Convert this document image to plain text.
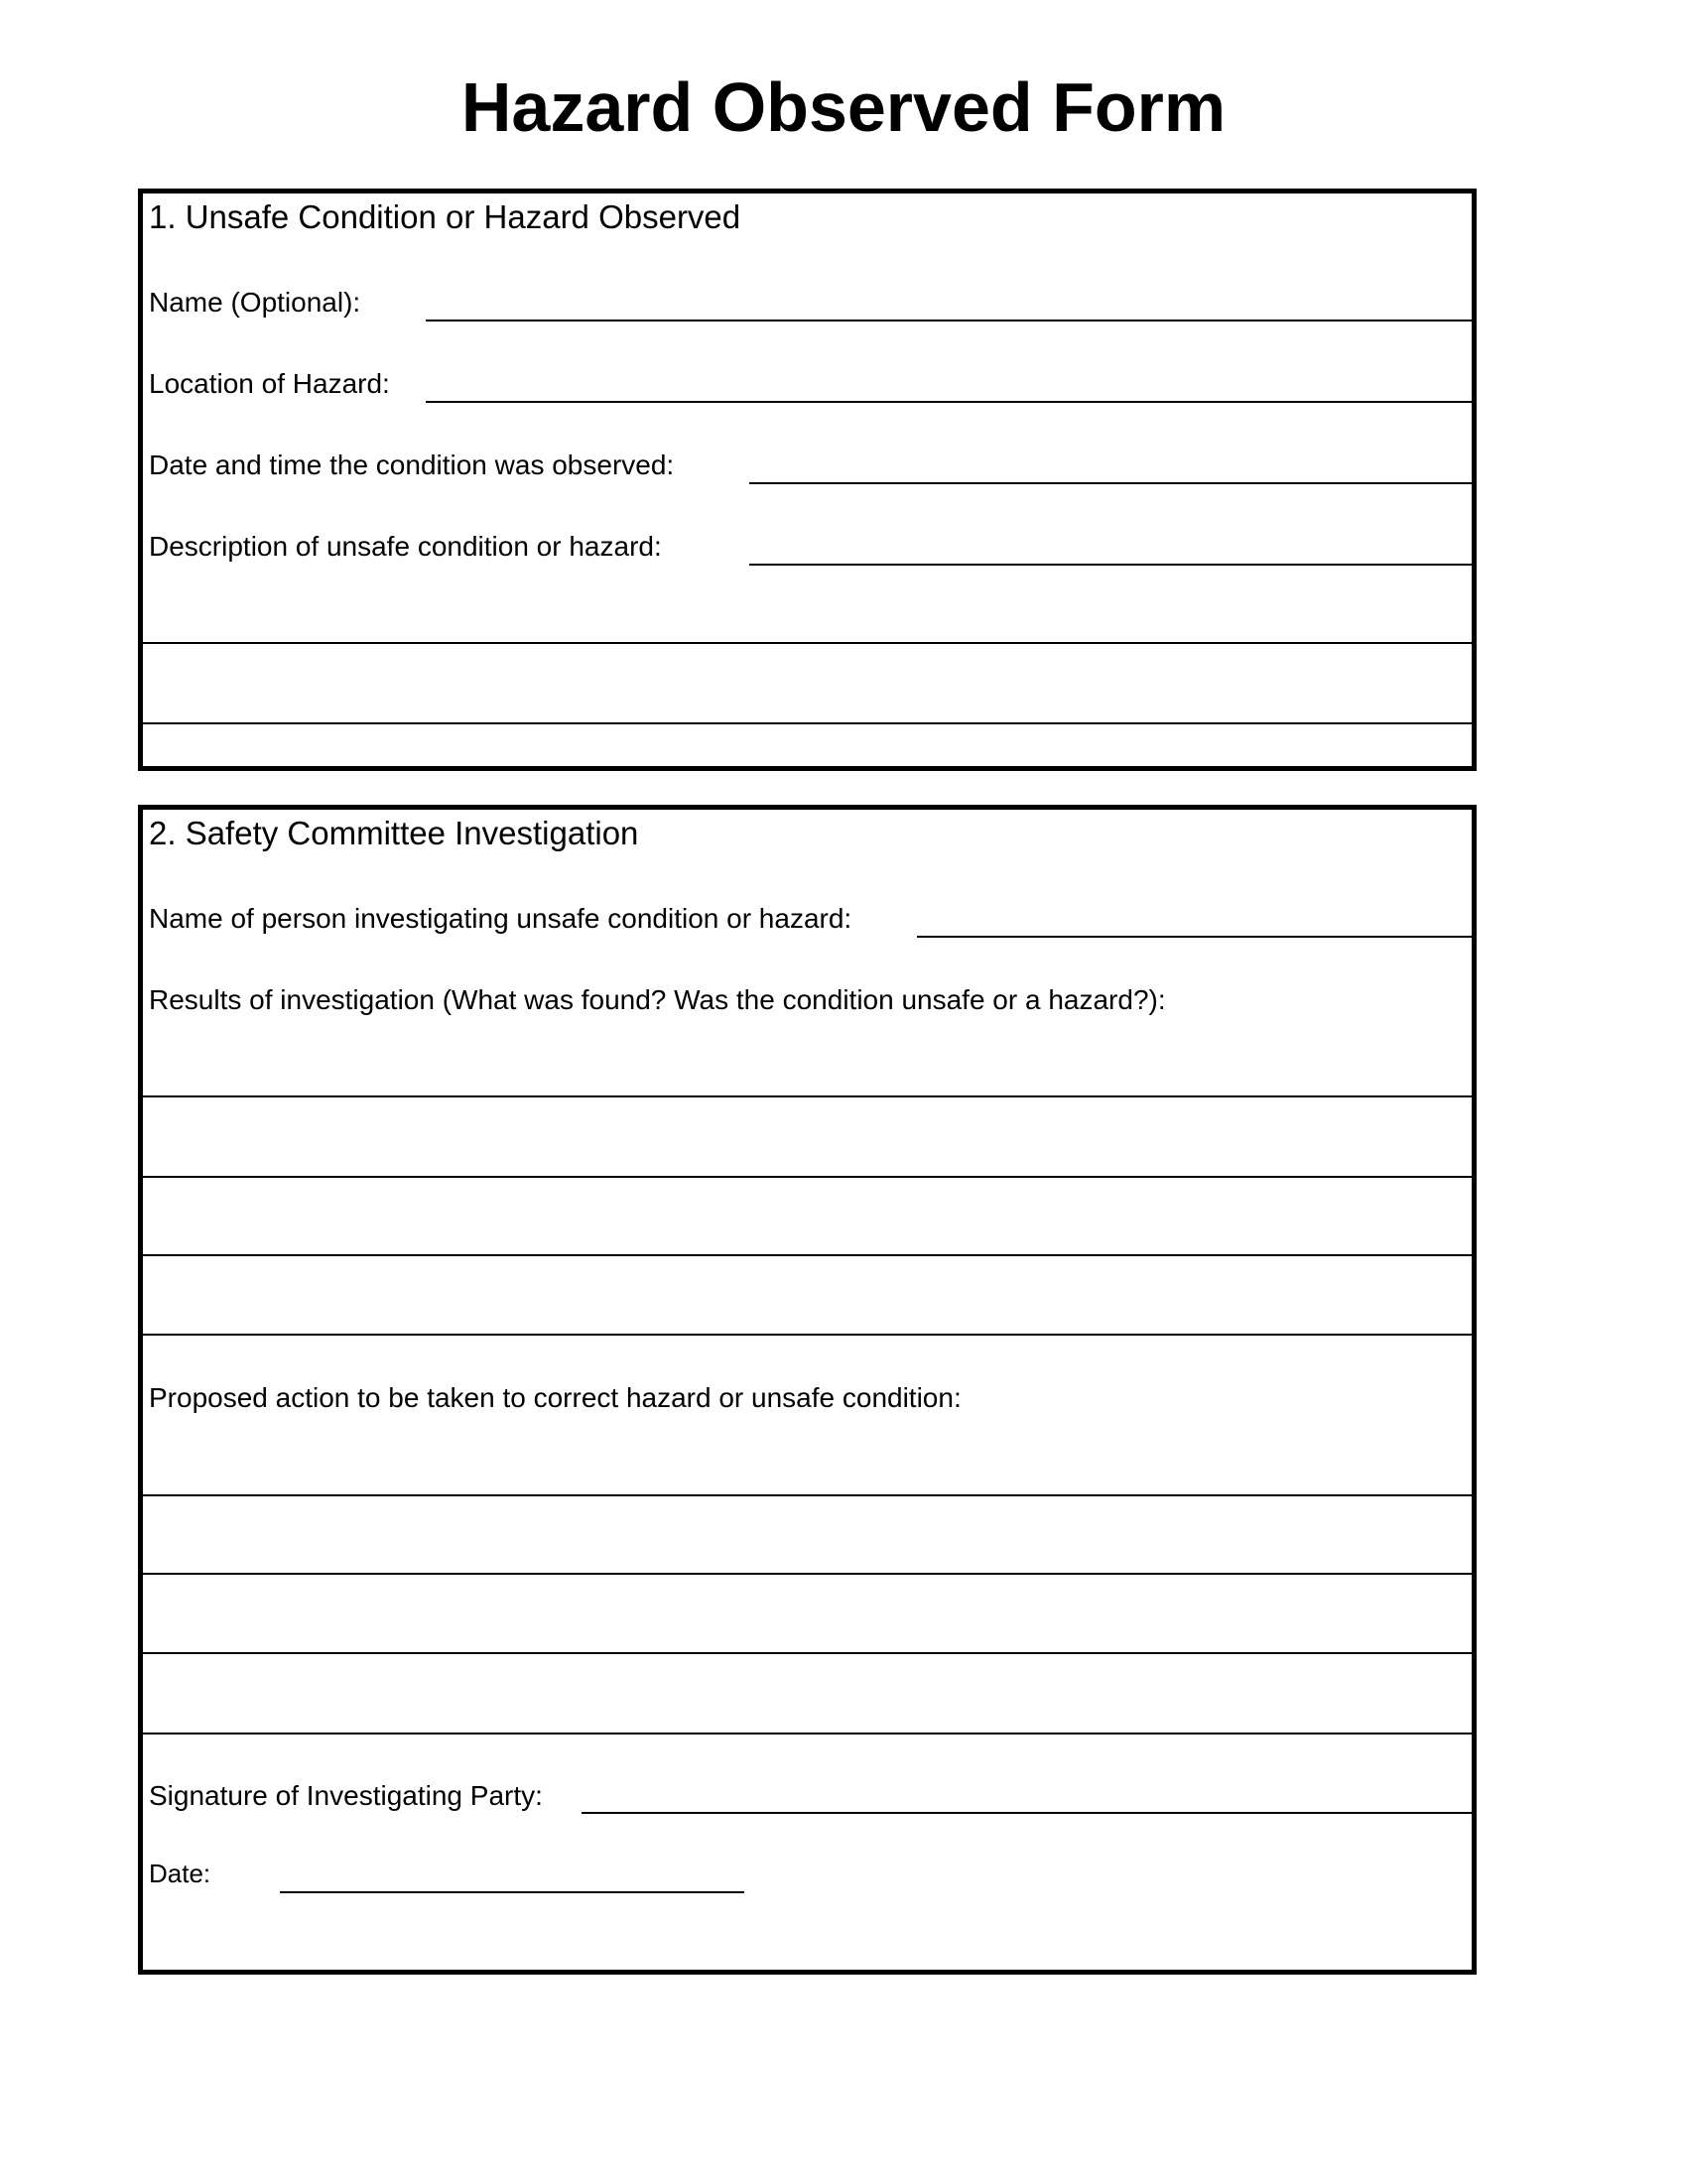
Hazard Observed Form
1. Unsafe Condition or Hazard Observed
Name (Optional):
Location of Hazard:
Date and time the condition was observed:
Description of unsafe condition or hazard:
2. Safety Committee Investigation
Name of person investigating unsafe condition or hazard:
Results of investigation (What was found? Was the condition unsafe or a hazard?):
Proposed action to be taken to correct hazard or unsafe condition:
Signature of Investigating Party:
Date:
